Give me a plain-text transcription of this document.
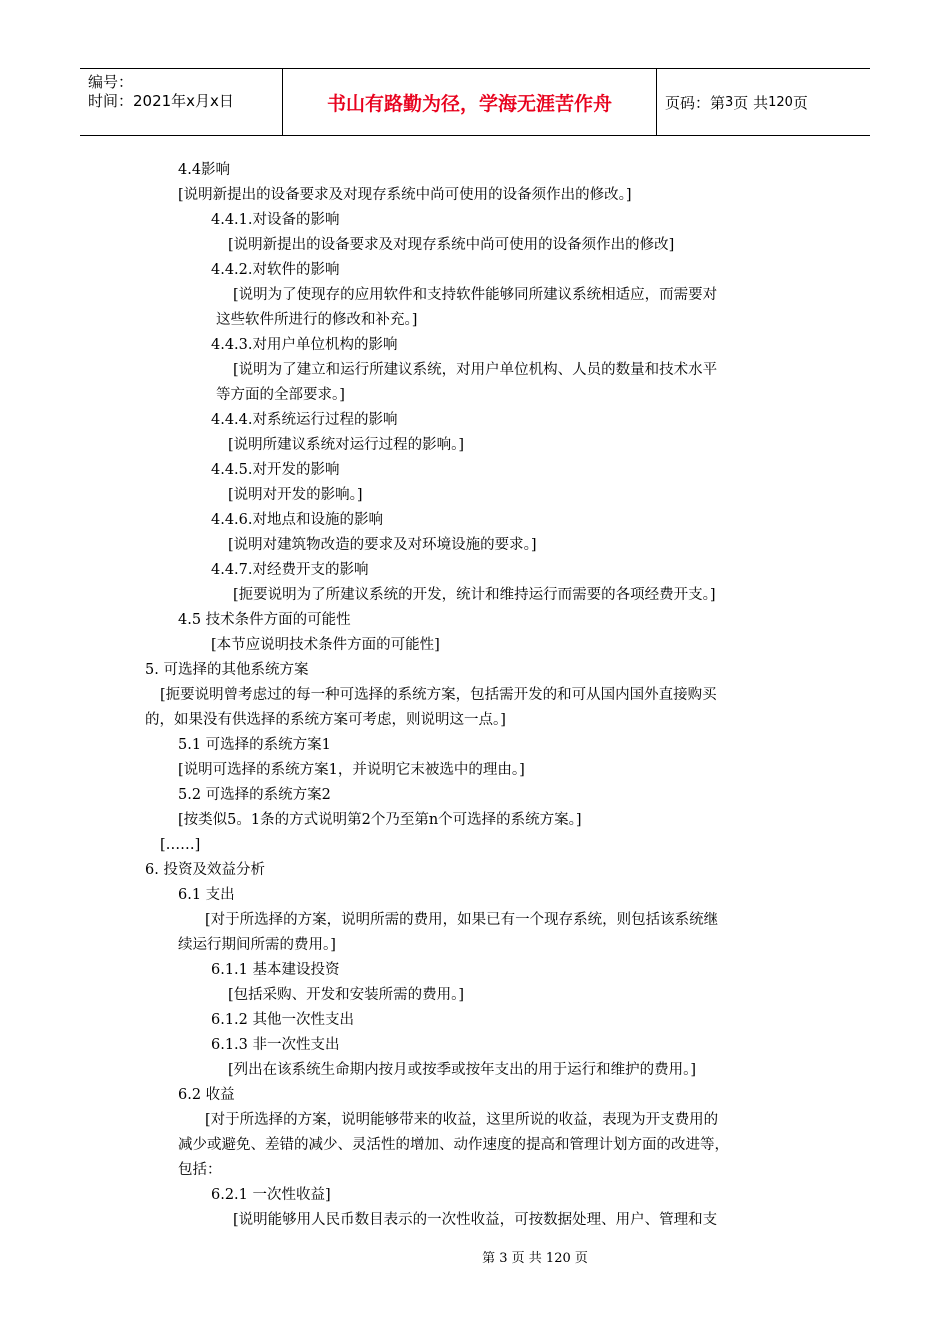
编号：
时间：2021年x月x日	书山有路勤为径，学海无涯苦作舟	页码：第 3 页 共 120 页
4.4影响
[说明新提出的设备要求及对现存系统中尚可使用的设备须作出的修改。]
4.4.1.对设备的影响
[说明新提出的设备要求及对现存系统中尚可使用的设备须作出的修改]
4.4.2.对软件的影响
[说明为了使现存的应用软件和支持软件能够同所建议系统相适应，而需要对
这些软件所进行的修改和补充。]
4.4.3.对用户单位机构的影响
[说明为了建立和运行所建议系统，对用户单位机构、人员的数量和技术水平
等方面的全部要求。]
4.4.4.对系统运行过程的影响
[说明所建议系统对运行过程的影响。]
4.4.5.对开发的影响
[说明对开发的影响。]
4.4.6.对地点和设施的影响
[说明对建筑物改造的要求及对环境设施的要求。]
4.4.7.对经费开支的影响
[扼要说明为了所建议系统的开发，统计和维持运行而需要的各项经费开支。]
4.5 技术条件方面的可能性
[本节应说明技术条件方面的可能性]
5. 可选择的其他系统方案
[扼要说明曾考虑过的每一种可选择的系统方案，包括需开发的和可从国内国外直接购买
的，如果没有供选择的系统方案可考虑，则说明这一点。]
5.1 可选择的系统方案1
[说明可选择的系统方案1，并说明它末被选中的理由。]
5.2 可选择的系统方案2
[按类似5。1条的方式说明第2个乃至第n个可选择的系统方案。]
[……]
6. 投资及效益分析
6.1 支出
[对于所选择的方案，说明所需的费用，如果已有一个现存系统，则包括该系统继
续运行期间所需的费用。]
6.1.1 基本建设投资
[包括采购、开发和安装所需的费用。]
6.1.2 其他一次性支出
6.1.3 非一次性支出
[列出在该系统生命期内按月或按季或按年支出的用于运行和维护的费用。]
6.2 收益
[对于所选择的方案，说明能够带来的收益，这里所说的收益，表现为开支费用的
减少或避免、差错的减少、灵活性的增加、动作速度的提高和管理计划方面的改进等，
包括：
6.2.1 一次性收益]
[说明能够用人民币数目表示的一次性收益，可按数据处理、用户、管理和支
第 3 页 共 120 页
